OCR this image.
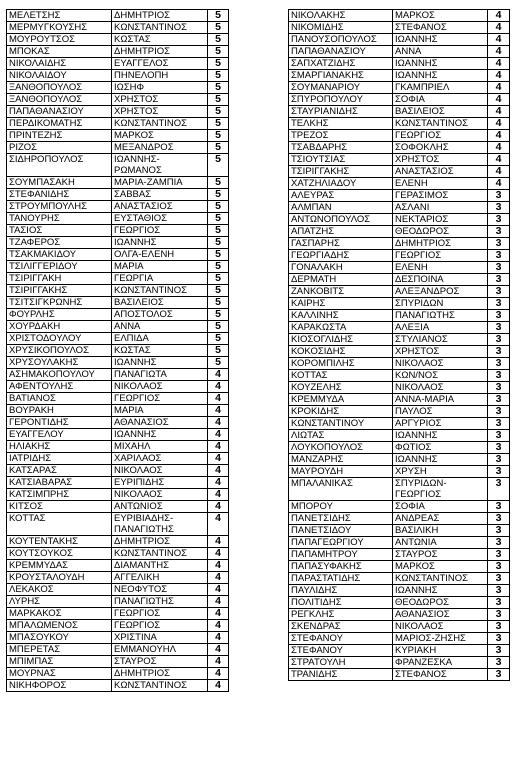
ΜΕΛΕΤΣΗΣ	ΔΗΜΗΤΡΙΟΣ	5
ΜΕΡΜΥΓΚΟΥΣΗΣ	ΚΩΝΣΤΑΝΤΙΝΟΣ	5
ΜΟΥΡΟΥΤΣΟΣ	ΚΩΣΤΑΣ	5
ΜΠΟΚΑΣ	ΔΗΜΗΤΡΙΟΣ	5
ΝΙΚΟΛΑΙΔΗΣ	ΕΥΑΓΓΕΛΟΣ	5
ΝΙΚΟΛΑΙΔΟΥ	ΠΗΝΕΛΟΠΗ	5
ΞΑΝΘΟΠΟΥΛΟΣ	ΙΩΣΗΦ	5
ΞΑΝΘΟΠΟΥΛΟΣ	ΧΡΗΣΤΟΣ	5
ΠΑΠΑΘΑΝΑΣΙΟΥ	ΧΡΗΣΤΟΣ	5
ΠΕΡΔΙΚΟΜΑΤΗΣ	ΚΩΝΣΤΑΝΤΙΝΟΣ	5
ΠΡΙΝΤΕΖΗΣ	ΜΑΡΚΟΣ	5
ΡΙΖΟΣ	ΜΕΞΑΝΔΡΟΣ	5
ΣΙΔΗΡΟΠΟΥΛΟΣ	ΙΩΑΝΝΗΣ-ΡΩΜΑΝΟΣ	5
ΣΟΥΜΠΑΣΑΚΗ	ΜΑΡΙΑ-ΖΑΜΠΙΑ	5
ΣΤΕΦΑΝΙΔΗΣ	ΣΑΒΒΑΣ	5
ΣΤΡΟΥΜΠΟΥΛΗΣ	ΑΝΑΣΤΑΣΙΟΣ	5
ΤΑΝΟΥΡΗΣ	ΕΥΣΤΑΘΙΟΣ	5
ΤΑΣΙΟΣ	ΓΕΩΡΓΙΟΣ	5
ΤΖΑΦΕΡΟΣ	ΙΩΑΝΝΗΣ	5
ΤΣΑΚΜΑΚΙΔΟΥ	ΟΛΓΑ-ΕΛΕΝΗ	5
ΤΣΙΛΙΓΓΕΡΙΔΟΥ	ΜΑΡΙΑ	5
ΤΣΙΡΙΓΓΑΚΗ	ΓΕΩΡΓΙΑ	5
ΤΣΙΡΙΓΓΑΚΗΣ	ΚΩΝΣΤΑΝΤΙΝΟΣ	5
ΤΣΙΤΣΙΓΚΡΩΝΗΣ	ΒΑΣΙΛΕΙΟΣ	5
ΦΟΥΡΛΗΣ	ΑΠΟΣΤΟΛΟΣ	5
ΧΟΥΡΔΑΚΗ	ΑΝΝΑ	5
ΧΡΙΣΤΟΔΟΥΛΟΥ	ΕΛΠΙΔΑ	5
ΧΡΥΣΙΚΟΠΟΥΛΟΣ	ΚΩΣΤΑΣ	5
ΧΡΥΣΟΥΛΑΚΗΣ	ΙΩΑΝΝΗΣ	5
ΑΣΗΜΑΚΟΠΟΥΛΟΥ	ΠΑΝΑΓΙΩΤΑ	4
ΑΦΕΝΤΟΥΛΗΣ	ΝΙΚΟΛΑΟΣ	4
ΒΑΤΙΑΝΟΣ	ΓΕΩΡΓΙΟΣ	4
ΒΟΥΡΑΚΗ	ΜΑΡΙΑ	4
ΓΕΡΟΝΤΙΔΗΣ	ΑΘΑΝΑΣΙΟΣ	4
ΕΥΑΓΓΕΛΟΥ	ΙΩΑΝΝΗΣ	4
ΗΛΙΑΚΗΣ	ΜΙΧΑΗΛ	4
ΙΑΤΡΙΔΗΣ	ΧΑΡΙΛΑΟΣ	4
ΚΑΤΣΑΡΑΣ	ΝΙΚΟΛΑΟΣ	4
ΚΑΤΣΙΑΒΑΡΑΣ	ΕΥΡΙΠΙΔΗΣ	4
ΚΑΤΣΙΜΠΡΗΣ	ΝΙΚΟΛΑΟΣ	4
ΚΙΤΣΟΣ	ΑΝΤΩΝΙΟΣ	4
ΚΟΤΤΑΣ	ΕΥΡΙΒΙΑΔΗΣ-ΠΑΝΑΓΙΩΤΗΣ	4
ΚΟΥΤΕΝΤΑΚΗΣ	ΔΗΜΗΤΡΙΟΣ	4
ΚΟΥΤΣΟΥΚΟΣ	ΚΩΝΣΤΑΝΤΙΝΟΣ	4
ΚΡΕΜΜΥΔΑΣ	ΔΙΑΜΑΝΤΗΣ	4
ΚΡΟΥΣΤΑΛΟΥΔΗ	ΑΓΓΕΛΙΚΗ	4
ΛΕΚΑΚΟΣ	ΝΕΟΦΥΤΟΣ	4
ΛΥΡΗΣ	ΠΑΝΑΓΙΩΤΗΣ	4
ΜΑΡΚΑΚΟΣ	ΓΕΩΡΓΙΟΣ	4
ΜΠΑΛΩΜΕΝΟΣ	ΓΕΩΡΓΙΟΣ	4
ΜΠΑΣΟΥΚΟΥ	ΧΡΙΣΤΙΝΑ	4
ΜΠΕΡΕΤΑΣ	ΕΜΜΑΝΟΥΗΛ	4
ΜΠΙΜΠΑΣ	ΣΤΑΥΡΟΣ	4
ΜΟΥΡΝΑΣ	ΔΗΜΗΤΡΙΟΣ	4
ΝΙΚΗΦΟΡΟΣ	ΚΩΝΣΤΑΝΤΙΝΟΣ	4
ΝΙΚΟΛΑΚΗΣ	ΜΑΡΚΟΣ	4
ΝΙΚΟΜΙΔΗΣ	ΣΤΕΦΑΝΟΣ	4
ΠΑΝΟΥΣΟΠΟΥΛΟΣ	ΙΩΑΝΝΗΣ	4
ΠΑΠΑΘΑΝΑΣΙΟΥ	ΑΝΝΑ	4
ΣΑΠΧΑΤΖΙΔΗΣ	ΙΩΑΝΝΗΣ	4
ΣΜΑΡΓΙΑΝΑΚΗΣ	ΙΩΑΝΝΗΣ	4
ΣΟΥΜΑΝΑΡΙΟΥ	ΓΚΑΜΠΡΙΕΛ	4
ΣΠΥΡΟΠΟΥΛΟΥ	ΣΟΦΙΑ	4
ΣΤΑΥΡΙΑΝΙΔΗΣ	ΒΑΣΙΛΕΙΟΣ	4
ΤΕΛΚΗΣ	ΚΩΝΣΤΑΝΤΙΝΟΣ	4
ΤΡΕΖΟΣ	ΓΕΩΡΓΙΟΣ	4
ΤΣΑΒΔΑΡΗΣ	ΣΟΦΟΚΛΗΣ	4
ΤΣΙΟΥΤΣΙΑΣ	ΧΡΗΣΤΟΣ	4
ΤΣΙΡΙΓΓΑΚΗΣ	ΑΝΑΣΤΑΣΙΟΣ	4
ΧΑΤΖΗΛΙΑΔΟΥ	ΕΛΕΝΗ	4
ΑΛΕΥΡΑΣ	ΓΕΡΑΣΙΜΟΣ	3
ΑΛΜΠΑΝ	ΑΣΛΑΝΙ	3
ΑΝΤΩΝΟΠΟΥΛΟΣ	ΝΕΚΤΑΡΙΟΣ	3
ΑΠΑΤΖΗΣ	ΘΕΟΔΩΡΟΣ	3
ΓΑΣΠΑΡΗΣ	ΔΗΜΗΤΡΙΟΣ	3
ΓΕΩΡΓΙΑΔΗΣ	ΓΕΩΡΓΙΟΣ	3
ΓΟΝΑΛΑΚΗ	ΕΛΕΝΗ	3
ΔΕΡΜΑΤΗ	ΔΕΣΠΟΙΝΑ	3
ΖΑΝΚΟΒΙΤΣ	ΑΛΕΞΑΝΔΡΟΣ	3
ΚΑΙΡΗΣ	ΣΠΥΡΙΔΩΝ	3
ΚΑΛΛΙΝΗΣ	ΠΑΝΑΓΙΩΤΗΣ	3
ΚΑΡΑΚΩΣΤΑ	ΑΛΕΞΙΑ	3
ΚΙΟΣΟΓΛΙΔΗΣ	ΣΤΥΛΙΑΝΟΣ	3
ΚΟΚΟΣΙΔΗΣ	ΧΡΗΣΤΟΣ	3
ΚΟΡΟΜΠΙΛΗΣ	ΝΙΚΟΛΑΟΣ	3
ΚΟΤΤΑΣ	ΚΩΝ/ΝΟΣ	3
ΚΟΥΖΕΛΗΣ	ΝΙΚΟΛΑΟΣ	3
ΚΡΕΜΜΥΔΑ	ΑΝΝΑ-ΜΑΡΙΑ	3
ΚΡΟΚΙΔΗΣ	ΠΑΥΛΟΣ	3
ΚΩΝΣΤΑΝΤΙΝΟΥ	ΑΡΓΥΡΙΟΣ	3
ΛΙΩΤΑΣ	ΙΩΑΝΝΗΣ	3
ΛΟΥΚΟΠΟΥΛΟΣ	ΦΩΤΙΟΣ	3
ΜΑΝΖΑΡΗΣ	ΙΩΑΝΝΗΣ	3
ΜΑΥΡΟΥΔΗ	ΧΡΥΣΗ	3
ΜΠΑΛΑΝΙΚΑΣ	ΣΠΥΡΙΔΩΝ-ΓΕΩΡΓΙΟΣ	3
ΜΠΟΡΟΥ	ΣΟΦΙΑ	3
ΠΑΝΕΤΣΙΔΗΣ	ΑΝΔΡΕΑΣ	3
ΠΑΝΕΤΣΙΔΟΥ	ΒΑΣΙΛΙΚΗ	3
ΠΑΠΑΓΕΩΡΓΙΟΥ	ΑΝΤΩΝΙΑ	3
ΠΑΠΑΜΗΤΡΟΥ	ΣΤΑΥΡΟΣ	3
ΠΑΠΑΣΥΦΑΚΗΣ	ΜΑΡΚΟΣ	3
ΠΑΡΑΣΤΑΤΙΔΗΣ	ΚΩΝΣΤΑΝΤΙΝΟΣ	3
ΠΑΥΛΙΔΗΣ	ΙΩΑΝΝΗΣ	3
ΠΟΛΙΤΙΔΗΣ	ΘΕΟΔΩΡΟΣ	3
ΡΕΓΚΛΗΣ	ΑΘΑΝΑΣΙΟΣ	3
ΣΚΕΝΔΡΑΣ	ΝΙΚΟΛΑΟΣ	3
ΣΤΕΦΑΝΟΥ	ΜΑΡΙΟΣ-ΖΗΣΗΣ	3
ΣΤΕΦΑΝΟΥ	ΚΥΡΙΑΚΗ	3
ΣΤΡΑΤΟΥΛΗ	ΦΡΑΝΖΕΣΚΑ	3
ΤΡΑΝΙΔΗΣ	ΣΤΕΦΑΝΟΣ	3
